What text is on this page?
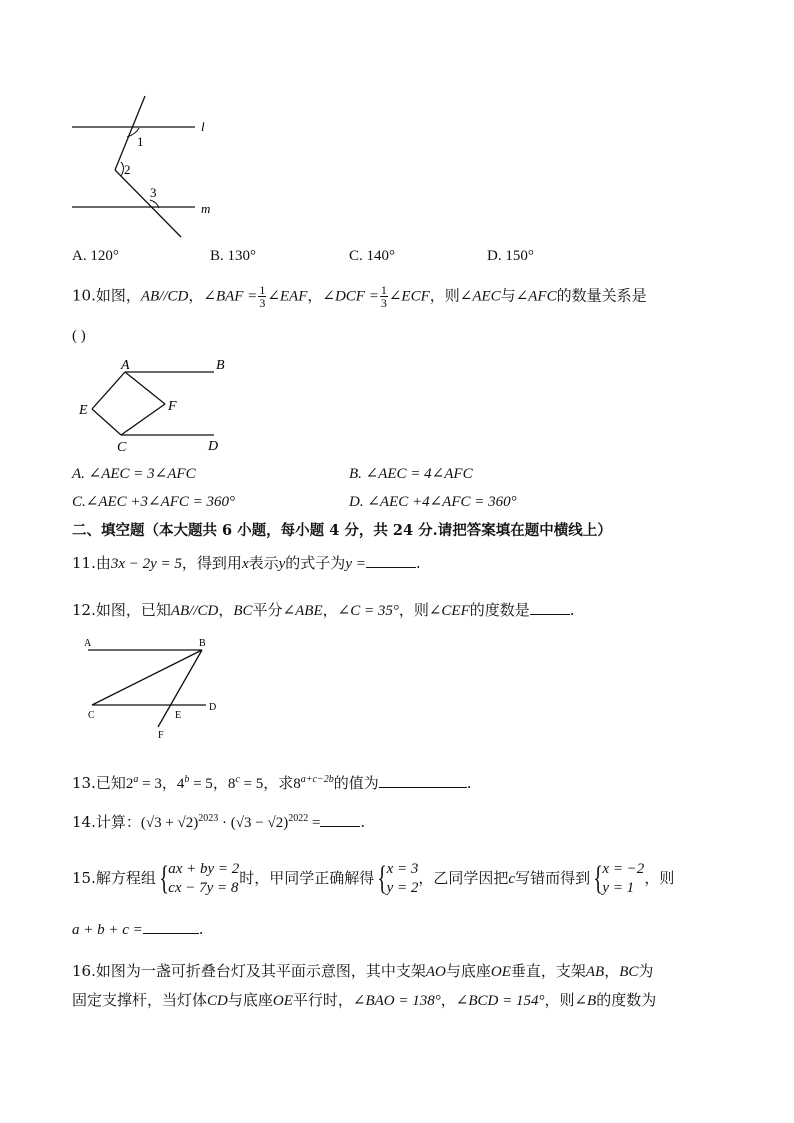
l
m
1
2
3
A. 120°	B. 130°	C. 140°	D. 150°
10.如图，AB//CD，∠BAF = $\frac{1}{3}$ ∠EAF，∠DCF = $\frac{1}{3}$ ∠ECF，则∠AEC与∠AFC的数量关系是
( )
A	B
C	D
E	F
A. ∠AEC = 3∠AFC	B. ∠AEC = 4∠AFC
C.∠AEC +3∠AFC = 360°	D. ∠AEC +4∠AFC = 360°
二、填空题（本大题共 6 小题，每小题 4 分，共 24 分.请把答案填在题中横线上）
11.由3x − 2y = 5，得到用x表示y的式子为y =	.
12.如图，已知AB//CD，BC平分∠ABE，∠C = 35°，则∠CEF的度数是	.
A	B
C
D
E
F
13.已知$2^a = 3$，$4^b = 5$，$8^c = 5$，求$8^{a+c-2b}$的值为	.
14.计算：$(√3 + √2)^{2023} \cdot (√3 - √2)^{2022}$ =	.
15.解方程组{ ax + by = 2
cx − 7y = 8
时，甲同学正确解得{ x = 3
y = 2
，乙同学因把c写错而得到{ x = −2
y = 1
，则
a + b + c =	.
16.如图为一盏可折叠台灯及其平面示意图，其中支架AO与底座OE垂直，支架AB，BC为
固定支撑杆，当灯体CD与底座OE平行时，∠BAO = 138°，∠BCD = 154°，则∠B的度数为
